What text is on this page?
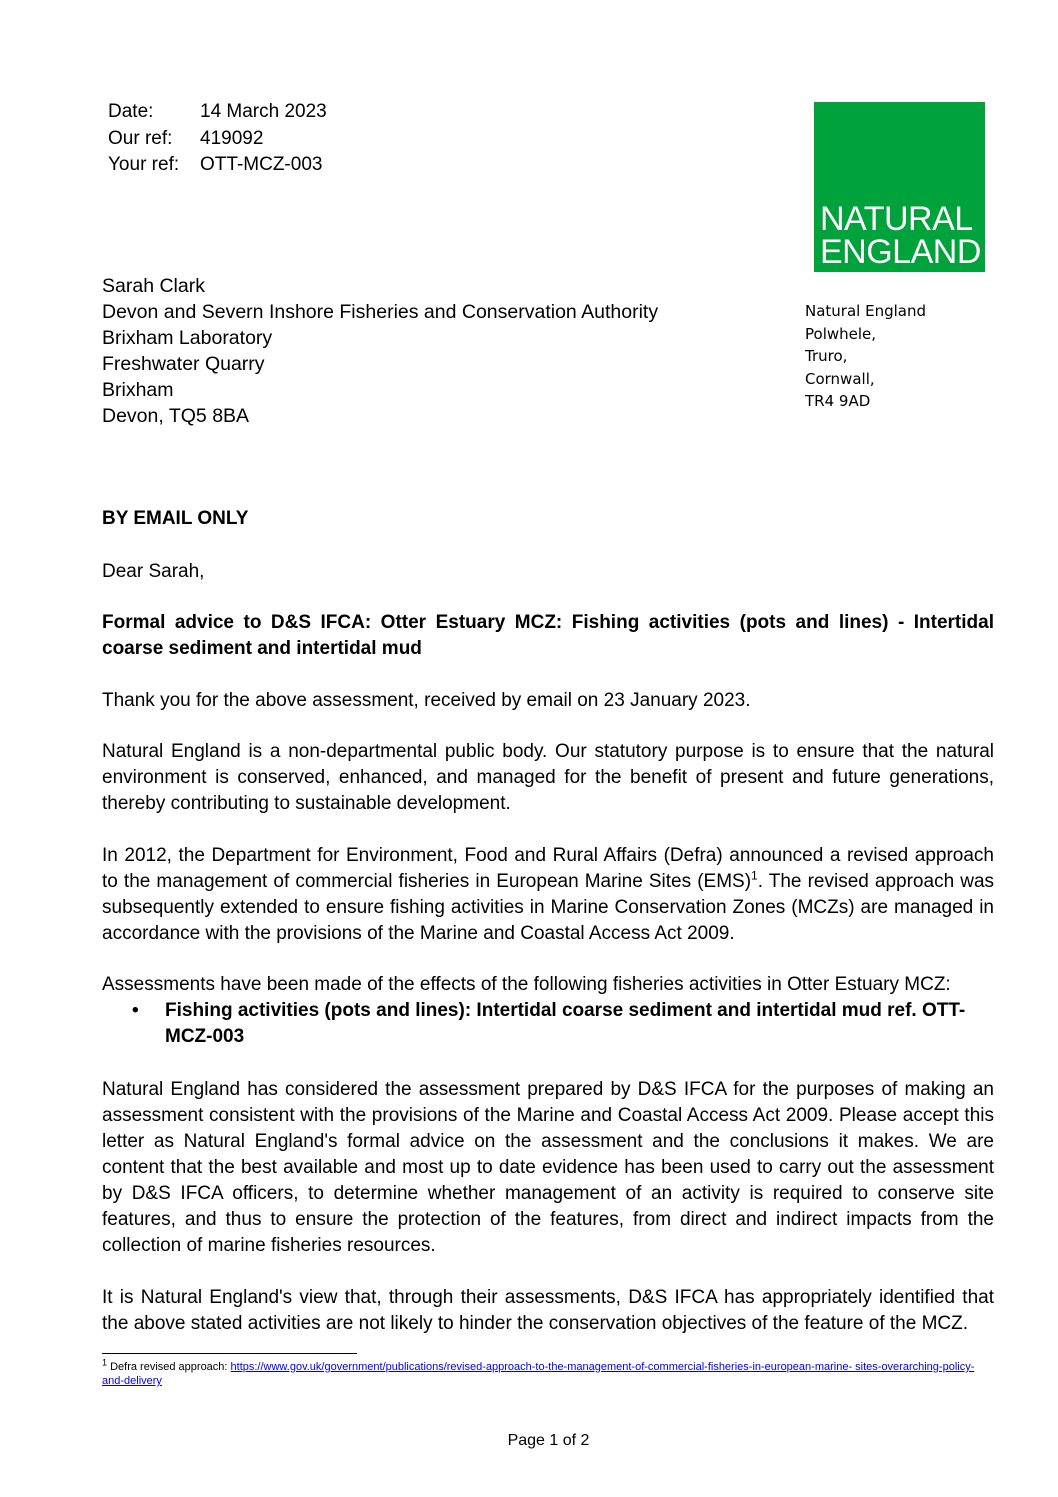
Date:	14 March 2023
Our ref:	419092
Your ref:	OTT-MCZ-003
NATURAL
ENGLAND
Sarah Clark
Devon and Severn Inshore Fisheries and Conservation Authority
Brixham Laboratory
Freshwater Quarry
Brixham
Devon, TQ5 8BA
Natural England
Polwhele,
Truro,
Cornwall,
TR4 9AD
BY EMAIL ONLY
Dear Sarah,
Formal advice to D&S IFCA: Otter Estuary MCZ: Fishing activities (pots and lines) - Intertidal coarse sediment and intertidal mud
Thank you for the above assessment, received by email on 23 January 2023.
Natural England is a non-departmental public body. Our statutory purpose is to ensure that the natural environment is conserved, enhanced, and managed for the benefit of present and future generations, thereby contributing to sustainable development.
In 2012, the Department for Environment, Food and Rural Affairs (Defra) announced a revised approach to the management of commercial fisheries in European Marine Sites (EMS)$^1$. The revised approach was subsequently extended to ensure fishing activities in Marine Conservation Zones (MCZs) are managed in accordance with the provisions of the Marine and Coastal Access Act 2009.
Assessments have been made of the effects of the following fisheries activities in Otter Estuary MCZ:
• Fishing activities (pots and lines): Intertidal coarse sediment and intertidal mud ref. OTT-MCZ-003
Natural England has considered the assessment prepared by D&S IFCA for the purposes of making an assessment consistent with the provisions of the Marine and Coastal Access Act 2009. Please accept this letter as Natural England's formal advice on the assessment and the conclusions it makes. We are content that the best available and most up to date evidence has been used to carry out the assessment by D&S IFCA officers, to determine whether management of an activity is required to conserve site features, and thus to ensure the protection of the features, from direct and indirect impacts from the collection of marine fisheries resources.
It is Natural England's view that, through their assessments, D&S IFCA has appropriately identified that the above stated activities are not likely to hinder the conservation objectives of the feature of the MCZ.
$^1$ Defra revised approach: https://www.gov.uk/government/publications/revised-approach-to-the-management-of-commercial-fisheries-in-european-marine- sites-overarching-policy-and-delivery
Page 1 of 2
